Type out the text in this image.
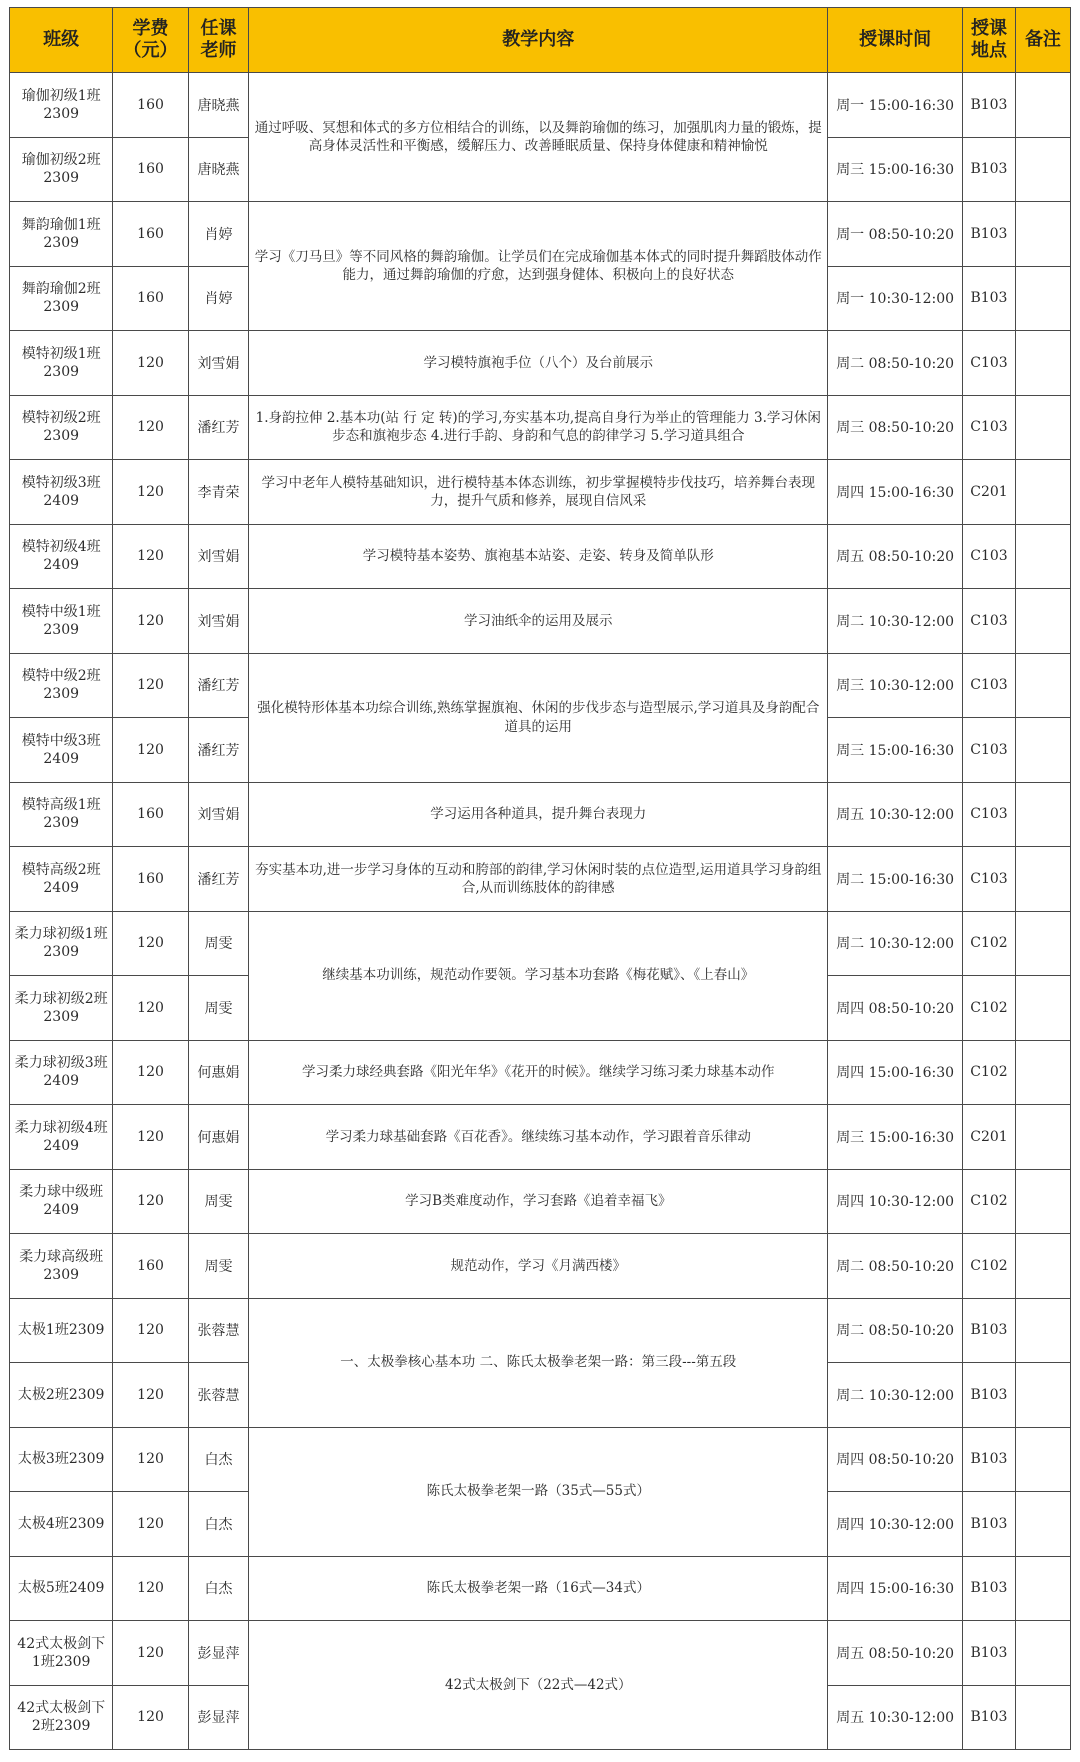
班级	学费（元）	任课老师	教学内容	授课时间	授课地点	备注
瑜伽初级1班2309	160	唐晓燕	通过呼吸、冥想和体式的多方位相结合的训练，以及舞韵瑜伽的练习，加强肌肉力量的锻炼，提高身体灵活性和平衡感，缓解压力、改善睡眠质量、保持身体健康和精神愉悦	周一 15:00-16:30	B103	
瑜伽初级2班2309	160	唐晓燕		周三 15:00-16:30	B103	
舞韵瑜伽1班2309	160	肖婷	学习《刀马旦》等不同风格的舞韵瑜伽。让学员们在完成瑜伽基本体式的同时提升舞蹈肢体动作能力，通过舞韵瑜伽的疗愈，达到强身健体、积极向上的良好状态	周一 08:50-10:20	B103	
舞韵瑜伽2班2309	160	肖婷		周一 10:30-12:00	B103	
模特初级1班2309	120	刘雪娟	学习模特旗袍手位（八个）及台前展示	周二 08:50-10:20	C103	
模特初级2班2309	120	潘红芳	1.身韵拉伸 2.基本功(站 行 定 转)的学习,夯实基本功,提高自身行为举止的管理能力 3.学习休闲步态和旗袍步态 4.进行手韵、身韵和气息的韵律学习 5.学习道具组合	周三 08:50-10:20	C103	
模特初级3班2409	120	李青荣	学习中老年人模特基础知识，进行模特基本体态训练，初步掌握模特步伐技巧，培养舞台表现力，提升气质和修养，展现自信风采	周四 15:00-16:30	C201	
模特初级4班2409	120	刘雪娟	学习模特基本姿势、旗袍基本站姿、走姿、转身及简单队形	周五 08:50-10:20	C103	
模特中级1班2309	120	刘雪娟	学习油纸伞的运用及展示	周二 10:30-12:00	C103	
模特中级2班2309	120	潘红芳	强化模特形体基本功综合训练,熟练掌握旗袍、休闲的步伐步态与造型展示,学习道具及身韵配合道具的运用	周三 10:30-12:00	C103	
模特中级3班2409	120	潘红芳		周三 15:00-16:30	C103	
模特高级1班2309	160	刘雪娟	学习运用各种道具，提升舞台表现力	周五 10:30-12:00	C103	
模特高级2班2409	160	潘红芳	夯实基本功,进一步学习身体的互动和胯部的韵律,学习休闲时装的点位造型,运用道具学习身韵组合,从而训练肢体的韵律感	周二 15:00-16:30	C103	
柔力球初级1班2309	120	周雯	继续基本功训练，规范动作要领。学习基本功套路《梅花赋》、《上春山》	周二 10:30-12:00	C102	
柔力球初级2班2309	120	周雯		周四 08:50-10:20	C102	
柔力球初级3班2409	120	何惠娟	学习柔力球经典套路《阳光年华》《花开的时候》。继续学习练习柔力球基本动作	周四 15:00-16:30	C102	
柔力球初级4班2409	120	何惠娟	学习柔力球基础套路《百花香》。继续练习基本动作，学习跟着音乐律动	周三 15:00-16:30	C201	
柔力球中级班2409	120	周雯	学习B类难度动作，学习套路《追着幸福飞》	周四 10:30-12:00	C102	
柔力球高级班2309	160	周雯	规范动作，学习《月满西楼》	周二 08:50-10:20	C102	
太极1班2309	120	张蓉慧	一、太极拳核心基本功 二、陈氏太极拳老架一路：第三段---第五段	周二 08:50-10:20	B103	
太极2班2309	120	张蓉慧		周二 10:30-12:00	B103	
太极3班2309	120	白杰	陈氏太极拳老架一路（35式—55式）	周四 08:50-10:20	B103	
太极4班2309	120	白杰		周四 10:30-12:00	B103	
太极5班2409	120	白杰	陈氏太极拳老架一路（16式—34式）	周四 15:00-16:30	B103	
42式太极剑下1班2309	120	彭显萍	42式太极剑下（22式—42式）	周五 08:50-10:20	B103	
42式太极剑下2班2309	120	彭显萍		周五 10:30-12:00	B103	
